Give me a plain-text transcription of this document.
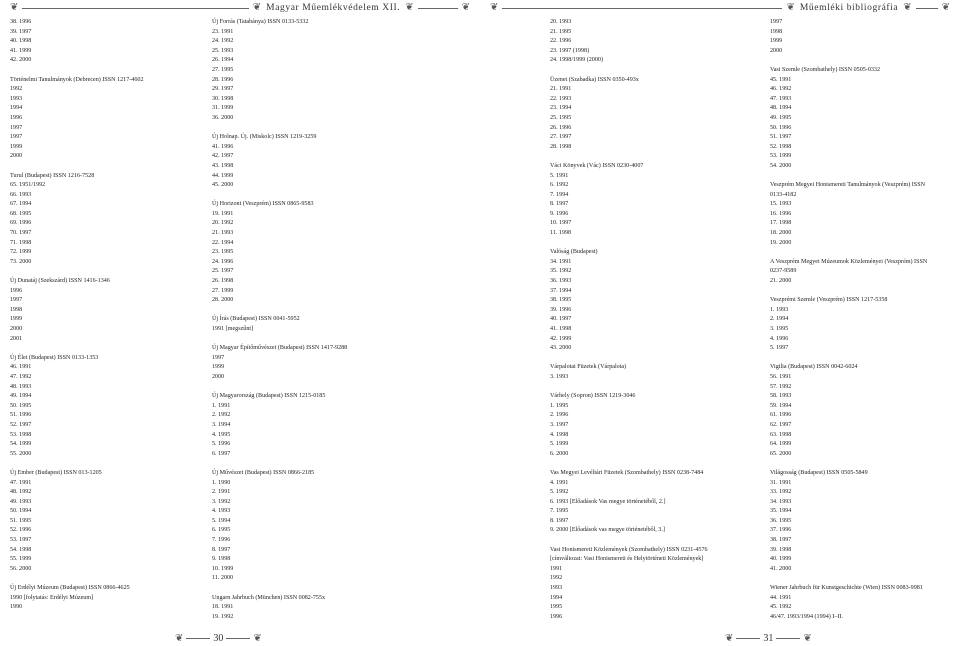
❦	❦ Magyar Műemlékvédelem XII. ❦	❦
38. 1996
39. 1997
40. 1998
41. 1999
42. 2000
Történelmi Tanulmányok (Debrecen) ISSN 1217-4602
1992
1993
1994
1996
1997
1997
1999
2000
Turul (Budapest) ISSN 1216-7528
65. 1951/1992
66. 1993
67. 1994
68. 1995
69. 1996
70. 1997
71. 1998
72. 1999
73. 2000
Új Dunatáj (Szekszárd) ISSN 1416-1346
1996
1997
1998
1999
2000
2001
Új Élet (Budapest) ISSN 0133-1353
46. 1991
47. 1992
48. 1993
49. 1994
50. 1995
51. 1996
52. 1997
53. 1998
54. 1999
55. 2000
Új Ember (Budapest) ISSN 013-1205
47. 1991
48. 1992
49. 1993
50. 1994
51. 1995
52. 1996
53. 1997
54. 1998
55. 1999
56. 2000
Új Erdélyi Múzeum (Budapest) ISSN 0866-4625
1990 [folytatás: Erdélyi Múzeum]
1990
Új Forrás (Tatabánya) ISSN 0133-5332
23. 1991
24. 1992
25. 1993
26. 1994
27. 1995
28. 1996
29. 1997
30. 1998
31. 1999
36. 2000
Új Holnap. Új. (Miskolc) ISSN 1219-3259
41. 1996
42. 1997
43. 1998
44. 1999
45. 2000
Új Horizont (Veszprém) ISSN 0865-9583
19. 1991
20. 1992
21. 1993
22. 1994
23. 1995
24. 1996
25. 1997
26. 1998
27. 1999
28. 2000
Új Írás (Budapest) ISSN 0041-5952
1991 [megszűnt]
Új Magyar Építőművészet (Budapest) ISSN 1417-9288
1997
1999
2000
Új Magyarország (Budapest) ISSN 1215-0185
1. 1991
2. 1992
3. 1994
4. 1995
5. 1996
6. 1997
Új Művészet (Budapest) ISSN 0866-2185
1. 1990
2. 1991
3. 1992
4. 1993
5. 1994
6. 1995
7. 1996
8. 1997
9. 1998
10. 1999
11. 2000
Ungarn Jahrbuch (München) ISSN 0082-755x
18. 1991
19. 1992
❦	30	❦
❦	❦ Műemléki bibliográfia ❦	❦
20. 1993
21. 1995
22. 1996
23. 1997 (1998)
24. 1998/1999 (2000)
Üzenet (Szabadka) ISSN 0350-493x
21. 1991
22. 1993
23. 1994
25. 1995
26. 1996
27. 1997
28. 1998
Váci Könyvek (Vác) ISSN 0230-4007
5. 1991
6. 1992
7. 1994
8. 1997
9. 1996
10. 1997
11. 1998
Valóság (Budapest)
34. 1991
35. 1992
36. 1993
37. 1994
38. 1995
39. 1996
40. 1997
41. 1998
42. 1999
43. 2000
Várpalotai Füzetek (Várpalota)
3. 1993
Várhely (Sopron) ISSN 1219-3046
1. 1995
2. 1996
3. 1997
4. 1998
5. 1999
6. 2000
Vas Megyei Levéltári Füzetek (Szombathely) ISSN 0238-7484
4. 1991
5. 1992
6. 1993 [Előadások Vas megye történetéből, 2.]
7. 1995
8. 1997
9. 2000 [Előadások vas megye történetéből, 3.]
Vasi Honismereti Közlemények (Szombathely) ISSN 0231-4576
[címváltozat: Vasi Honismereti és Helytörténeti Közlemények]
1991
1992
1993
1994
1995
1996
1997
1998
1999
2000
Vasi Szemle (Szombathely) ISSN 0505-0332
45. 1991
46. 1992
47. 1993
48. 1994
49. 1995
50. 1996
51. 1997
52. 1998
53. 1999
54. 2000
Veszprém Megyei Honismereti Tanulmányok (Veszprém) ISSN
0133-4182
15. 1993
16. 1996
17. 1998
18. 2000
19. 2000
A Veszprém Megyei Múzeumok Közleményei (Veszprém) ISSN
0237-9589
21. 2000
Veszprémi Szemle (Veszprém) ISSN 1217-5358
1. 1993
2. 1994
3. 1995
4. 1996
5. 1997
Vigilia (Budapest) ISSN 0042-6024
56. 1991
57. 1992
58. 1993
59. 1994
61. 1996
62. 1997
63. 1998
64. 1999
65. 2000
Világosság (Budapest) ISSN 0505-5849
31. 1991
33. 1992
34. 1993
35. 1994
36. 1995
37. 1996
38. 1997
39. 1998
40. 1999
41. 2000
Wiener Jahrbuch für Kunstgeschichte (Wien) ISSN 0083-9981
44. 1991
45. 1992
46/47. 1993/1994 (1994) I–II.
❦	31	❦
